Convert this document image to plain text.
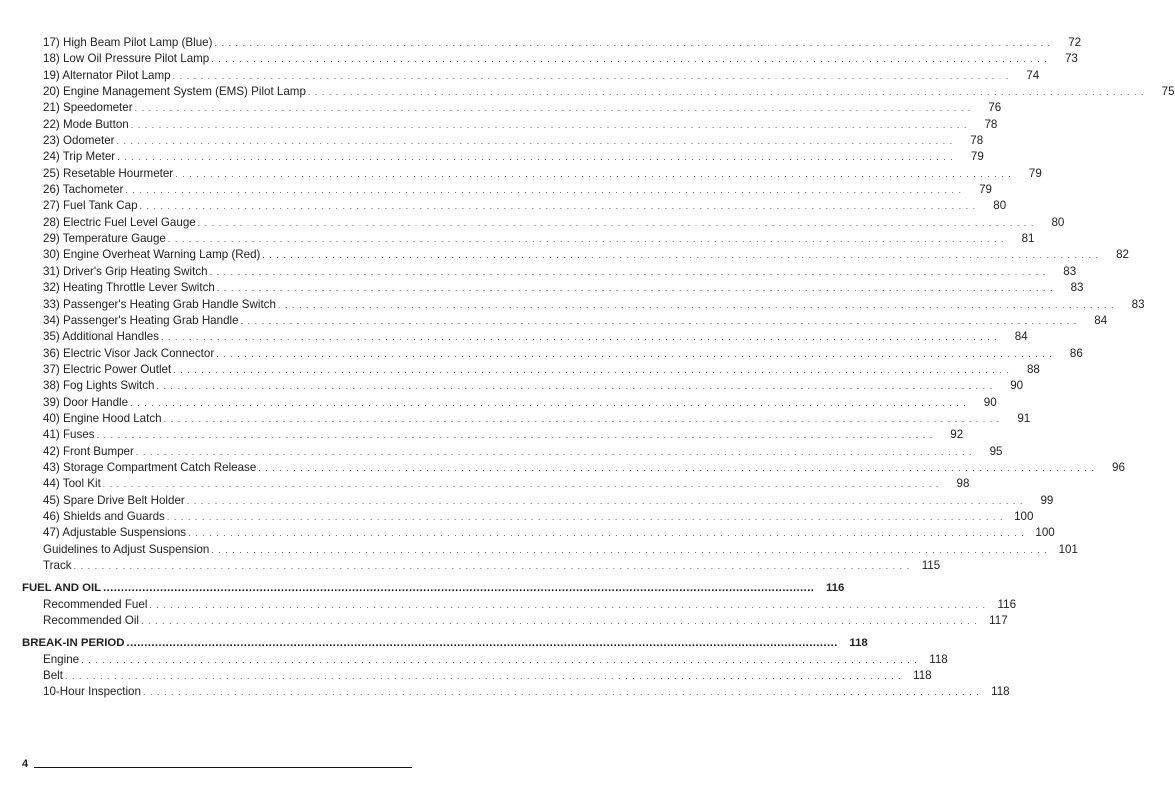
17) High Beam Pilot Lamp (Blue) . . . . . . . . . . . . . . . . . . . . . . . . . . . . . . . . . . . . . . . . . . . . . . . . . . . . . . . . . . . . . . . . . . . . . . . . . . . . . . . . . . . . . . . . . . . . . . . . . . . . . . . . . . . . . . . . . . . . . . . .	72
18) Low Oil Pressure Pilot Lamp . . . . . . . . . . . . . . . . . . . . . . . . . . . . . . . . . . . . . . . . . . . . . . . . . . . . . . . . . . . . . . . . . . . . . . . . . . . . . . . . . . . . . . . . . . . . . . . . . . . . . . . . . . . . . . . . . . . . . . . .	73
19) Alternator Pilot Lamp . . . . . . . . . . . . . . . . . . . . . . . . . . . . . . . . . . . . . . . . . . . . . . . . . . . . . . . . . . . . . . . . . . . . . . . . . . . . . . . . . . . . . . . . . . . . . . . . . . . . . . . . . . . . . . . . . . . . . . . .	74
20) Engine Management System (EMS) Pilot Lamp . . . . . . . . . . . . . . . . . . . . . . . . . . . . . . . . . . . . . . . . . . . . . . . . . . . . . . . . . . . . . . . . . . . . . . . . . . . . . . . . . . . . . . . . . . . . . . . . . . . . . . . . . . . . . . . . . . . . . . . .	75
21) Speedometer . . . . . . . . . . . . . . . . . . . . . . . . . . . . . . . . . . . . . . . . . . . . . . . . . . . . . . . . . . . . . . . . . . . . . . . . . . . . . . . . . . . . . . . . . . . . . . . . . . . . . . . . . . . . . . . . . . . . . . . .	76
22) Mode Button . . . . . . . . . . . . . . . . . . . . . . . . . . . . . . . . . . . . . . . . . . . . . . . . . . . . . . . . . . . . . . . . . . . . . . . . . . . . . . . . . . . . . . . . . . . . . . . . . . . . . . . . . . . . . . . . . . . . . . . .	78
23) Odometer . . . . . . . . . . . . . . . . . . . . . . . . . . . . . . . . . . . . . . . . . . . . . . . . . . . . . . . . . . . . . . . . . . . . . . . . . . . . . . . . . . . . . . . . . . . . . . . . . . . . . . . . . . . . . . . . . . . . . . . .	78
24) Trip Meter . . . . . . . . . . . . . . . . . . . . . . . . . . . . . . . . . . . . . . . . . . . . . . . . . . . . . . . . . . . . . . . . . . . . . . . . . . . . . . . . . . . . . . . . . . . . . . . . . . . . . . . . . . . . . . . . . . . . . . . .	79
25) Resetable Hourmeter . . . . . . . . . . . . . . . . . . . . . . . . . . . . . . . . . . . . . . . . . . . . . . . . . . . . . . . . . . . . . . . . . . . . . . . . . . . . . . . . . . . . . . . . . . . . . . . . . . . . . . . . . . . . . . . . . . . . . . . .	79
26) Tachometer . . . . . . . . . . . . . . . . . . . . . . . . . . . . . . . . . . . . . . . . . . . . . . . . . . . . . . . . . . . . . . . . . . . . . . . . . . . . . . . . . . . . . . . . . . . . . . . . . . . . . . . . . . . . . . . . . . . . . . . .	79
27) Fuel Tank Cap . . . . . . . . . . . . . . . . . . . . . . . . . . . . . . . . . . . . . . . . . . . . . . . . . . . . . . . . . . . . . . . . . . . . . . . . . . . . . . . . . . . . . . . . . . . . . . . . . . . . . . . . . . . . . . . . . . . . . . . .	80
28) Electric Fuel Level Gauge . . . . . . . . . . . . . . . . . . . . . . . . . . . . . . . . . . . . . . . . . . . . . . . . . . . . . . . . . . . . . . . . . . . . . . . . . . . . . . . . . . . . . . . . . . . . . . . . . . . . . . . . . . . . . . . . . . . . . . . .	80
29) Temperature Gauge . . . . . . . . . . . . . . . . . . . . . . . . . . . . . . . . . . . . . . . . . . . . . . . . . . . . . . . . . . . . . . . . . . . . . . . . . . . . . . . . . . . . . . . . . . . . . . . . . . . . . . . . . . . . . . . . . . . . . . . .	81
30) Engine Overheat Warning Lamp (Red) . . . . . . . . . . . . . . . . . . . . . . . . . . . . . . . . . . . . . . . . . . . . . . . . . . . . . . . . . . . . . . . . . . . . . . . . . . . . . . . . . . . . . . . . . . . . . . . . . . . . . . . . . . . . . . . . . . . . . . . .	82
31) Driver's Grip Heating Switch . . . . . . . . . . . . . . . . . . . . . . . . . . . . . . . . . . . . . . . . . . . . . . . . . . . . . . . . . . . . . . . . . . . . . . . . . . . . . . . . . . . . . . . . . . . . . . . . . . . . . . . . . . . . . . . . . . . . . . . .	83
32) Heating Throttle Lever Switch . . . . . . . . . . . . . . . . . . . . . . . . . . . . . . . . . . . . . . . . . . . . . . . . . . . . . . . . . . . . . . . . . . . . . . . . . . . . . . . . . . . . . . . . . . . . . . . . . . . . . . . . . . . . . . . . . . . . . . . .	83
33) Passenger's Heating Grab Handle Switch . . . . . . . . . . . . . . . . . . . . . . . . . . . . . . . . . . . . . . . . . . . . . . . . . . . . . . . . . . . . . . . . . . . . . . . . . . . . . . . . . . . . . . . . . . . . . . . . . . . . . . . . . . . . . . . . . . . . . . . .	83
34) Passenger's Heating Grab Handle . . . . . . . . . . . . . . . . . . . . . . . . . . . . . . . . . . . . . . . . . . . . . . . . . . . . . . . . . . . . . . . . . . . . . . . . . . . . . . . . . . . . . . . . . . . . . . . . . . . . . . . . . . . . . . . . . . . . . . . .	84
35) Additional Handles . . . . . . . . . . . . . . . . . . . . . . . . . . . . . . . . . . . . . . . . . . . . . . . . . . . . . . . . . . . . . . . . . . . . . . . . . . . . . . . . . . . . . . . . . . . . . . . . . . . . . . . . . . . . . . . . . . . . . . . .	84
36) Electric Visor Jack Connector . . . . . . . . . . . . . . . . . . . . . . . . . . . . . . . . . . . . . . . . . . . . . . . . . . . . . . . . . . . . . . . . . . . . . . . . . . . . . . . . . . . . . . . . . . . . . . . . . . . . . . . . . . . . . . . . . . . . . . . .	86
37) Electric Power Outlet . . . . . . . . . . . . . . . . . . . . . . . . . . . . . . . . . . . . . . . . . . . . . . . . . . . . . . . . . . . . . . . . . . . . . . . . . . . . . . . . . . . . . . . . . . . . . . . . . . . . . . . . . . . . . . . . . . . . . . . .	88
38) Fog Lights Switch . . . . . . . . . . . . . . . . . . . . . . . . . . . . . . . . . . . . . . . . . . . . . . . . . . . . . . . . . . . . . . . . . . . . . . . . . . . . . . . . . . . . . . . . . . . . . . . . . . . . . . . . . . . . . . . . . . . . . . . .	90
39) Door Handle . . . . . . . . . . . . . . . . . . . . . . . . . . . . . . . . . . . . . . . . . . . . . . . . . . . . . . . . . . . . . . . . . . . . . . . . . . . . . . . . . . . . . . . . . . . . . . . . . . . . . . . . . . . . . . . . . . . . . . . .	90
40) Engine Hood Latch . . . . . . . . . . . . . . . . . . . . . . . . . . . . . . . . . . . . . . . . . . . . . . . . . . . . . . . . . . . . . . . . . . . . . . . . . . . . . . . . . . . . . . . . . . . . . . . . . . . . . . . . . . . . . . . . . . . . . . . .	91
41) Fuses . . . . . . . . . . . . . . . . . . . . . . . . . . . . . . . . . . . . . . . . . . . . . . . . . . . . . . . . . . . . . . . . . . . . . . . . . . . . . . . . . . . . . . . . . . . . . . . . . . . . . . . . . . . . . . . . . . . . . . . .	92
42) Front Bumper . . . . . . . . . . . . . . . . . . . . . . . . . . . . . . . . . . . . . . . . . . . . . . . . . . . . . . . . . . . . . . . . . . . . . . . . . . . . . . . . . . . . . . . . . . . . . . . . . . . . . . . . . . . . . . . . . . . . . . . .	95
43) Storage Compartment Catch Release . . . . . . . . . . . . . . . . . . . . . . . . . . . . . . . . . . . . . . . . . . . . . . . . . . . . . . . . . . . . . . . . . . . . . . . . . . . . . . . . . . . . . . . . . . . . . . . . . . . . . . . . . . . . . . . . . . . . . . . .	96
44) Tool Kit . . . . . . . . . . . . . . . . . . . . . . . . . . . . . . . . . . . . . . . . . . . . . . . . . . . . . . . . . . . . . . . . . . . . . . . . . . . . . . . . . . . . . . . . . . . . . . . . . . . . . . . . . . . . . . . . . . . . . . . .	98
45) Spare Drive Belt Holder . . . . . . . . . . . . . . . . . . . . . . . . . . . . . . . . . . . . . . . . . . . . . . . . . . . . . . . . . . . . . . . . . . . . . . . . . . . . . . . . . . . . . . . . . . . . . . . . . . . . . . . . . . . . . . . . . . . . . . . .	99
46) Shields and Guards . . . . . . . . . . . . . . . . . . . . . . . . . . . . . . . . . . . . . . . . . . . . . . . . . . . . . . . . . . . . . . . . . . . . . . . . . . . . . . . . . . . . . . . . . . . . . . . . . . . . . . . . . . . . . . . . . . . . . . . . 100
47) Adjustable Suspensions . . . . . . . . . . . . . . . . . . . . . . . . . . . . . . . . . . . . . . . . . . . . . . . . . . . . . . . . . . . . . . . . . . . . . . . . . . . . . . . . . . . . . . . . . . . . . . . . . . . . . . . . . . . . . . . . . . . . . . . . 100
Guidelines to Adjust Suspension . . . . . . . . . . . . . . . . . . . . . . . . . . . . . . . . . . . . . . . . . . . . . . . . . . . . . . . . . . . . . . . . . . . . . . . . . . . . . . . . . . . . . . . . . . . . . . . . . . . . . . . . . . . . . . . . . . . . . . . . 101
Track . . . . . . . . . . . . . . . . . . . . . . . . . . . . . . . . . . . . . . . . . . . . . . . . . . . . . . . . . . . . . . . . . . . . . . . . . . . . . . . . . . . . . . . . . . . . . . . . . . . . . . . . . . . . . . . . . . . . . . . . 115
FUEL AND OIL ........................................................................................................................................................................................................	116
Recommended Fuel . . . . . . . . . . . . . . . . . . . . . . . . . . . . . . . . . . . . . . . . . . . . . . . . . . . . . . . . . . . . . . . . . . . . . . . . . . . . . . . . . . . . . . . . . . . . . . . . . . . . . . . . . . . . . . . . . . . . . . . . 116
Recommended Oil . . . . . . . . . . . . . . . . . . . . . . . . . . . . . . . . . . . . . . . . . . . . . . . . . . . . . . . . . . . . . . . . . . . . . . . . . . . . . . . . . . . . . . . . . . . . . . . . . . . . . . . . . . . . . . . . . . . . . . . . 117
BREAK-IN PERIOD ........................................................................................................................................................................................................	118
Engine . . . . . . . . . . . . . . . . . . . . . . . . . . . . . . . . . . . . . . . . . . . . . . . . . . . . . . . . . . . . . . . . . . . . . . . . . . . . . . . . . . . . . . . . . . . . . . . . . . . . . . . . . . . . . . . . . . . . . . . . 118
Belt . . . . . . . . . . . . . . . . . . . . . . . . . . . . . . . . . . . . . . . . . . . . . . . . . . . . . . . . . . . . . . . . . . . . . . . . . . . . . . . . . . . . . . . . . . . . . . . . . . . . . . . . . . . . . . . . . . . . . . . . 118
10-Hour Inspection . . . . . . . . . . . . . . . . . . . . . . . . . . . . . . . . . . . . . . . . . . . . . . . . . . . . . . . . . . . . . . . . . . . . . . . . . . . . . . . . . . . . . . . . . . . . . . . . . . . . . . . . . . . . . . . . . . . . . . . . 118
4
